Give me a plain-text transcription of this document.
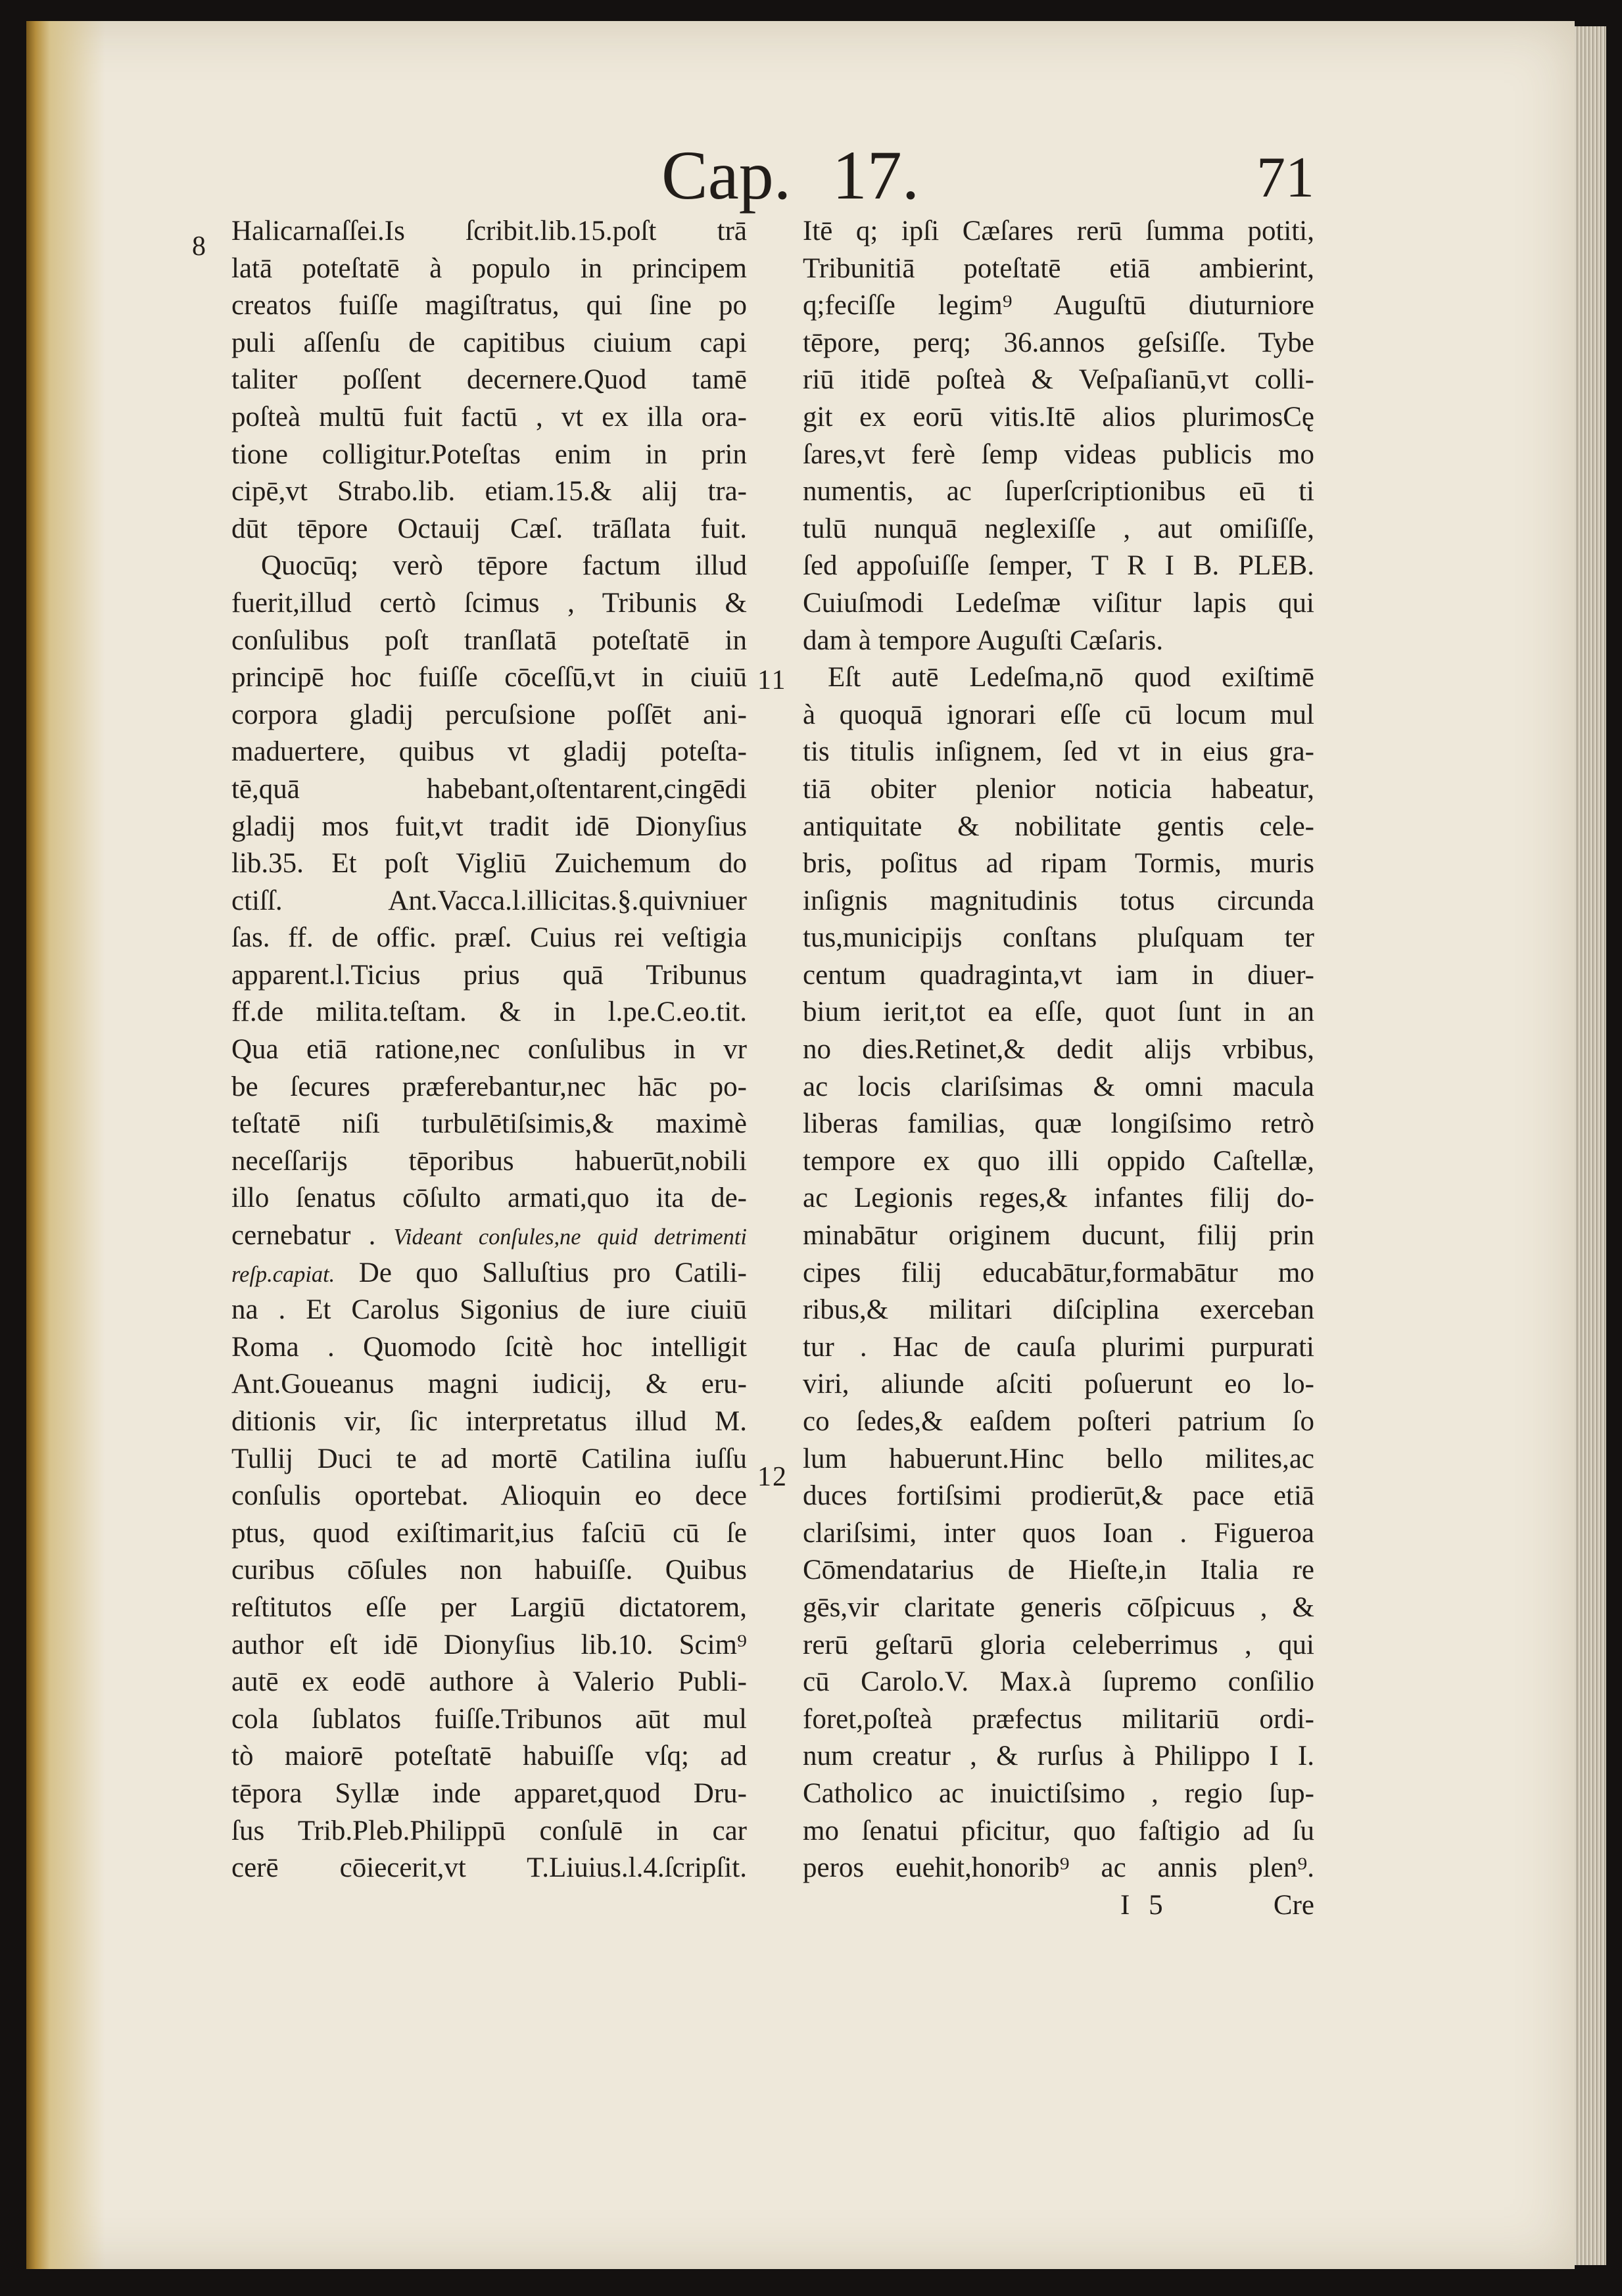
Cap. 17.	71
8
11
12
Halicarnaſſei.Is ſcribit.lib.15.poſt trā
latā poteſtatē à populo in principem
creatos fuiſſe magiſtratus, qui ſine po
puli aſſenſu de capitibus ciuium capi
taliter poſſent decernere.Quod tamē
poſteà multū fuit factū , vt ex illa ora-
tione colligitur.Poteſtas enim in prin
cipē,vt Strabo.lib. etiam.15.& alij tra-
dūt tēpore Octauij Cæſ. trāſlata fuit.
Quocūq; verò tēpore factum illud
fuerit,illud certò ſcimus , Tribunis &
conſulibus poſt tranſlatā poteſtatē in
principē hoc fuiſſe cōceſſū,vt in ciuiū
corpora gladij percuſsione poſſēt ani-
maduertere, quibus vt gladij poteſta-
tē,quā habebant,oſtentarent,cingēdi
gladij mos fuit,vt tradit idē Dionyſius
lib.35. Et poſt Vigliū Zuichemum do
ctiſſ. Ant.Vacca.l.illicitas.§.quivniuer
ſas. ff. de offic. præſ. Cuius rei veſtigia
apparent.l.Ticius prius quā Tribunus
ff.de milita.teſtam. & in l.pe.C.eo.tit.
Qua etiā ratione,nec conſulibus in vr
be ſecures præferebantur,nec hāc po-
teſtatē niſi turbulētiſsimis,& maximè
neceſſarijs tēporibus habuerūt,nobili
illo ſenatus cōſulto armati,quo ita de-
cernebatur . Videant conſules,ne quid detrimenti
reſp.capiat. De quo Salluſtius pro Catili-
na . Et Carolus Sigonius de iure ciuiū
Roma . Quomodo ſcitè hoc intelligit
Ant.Goueanus magni iudicij, & eru-
ditionis vir, ſic interpretatus illud M.
Tullij Duci te ad mortē Catilina iuſſu
conſulis oportebat. Alioquin eo dece
ptus, quod exiſtimarit,ius faſciū cū ſe
curibus cōſules non habuiſſe. Quibus
reſtitutos eſſe per Largiū dictatorem,
author eſt idē Dionyſius lib.10. Scim⁹
autē ex eodē authore à Valerio Publi-
cola ſublatos fuiſſe.Tribunos aūt mul
tò maiorē poteſtatē habuiſſe vſq; ad
tēpora Syllæ inde apparet,quod Dru-
ſus Trib.Pleb.Philippū conſulē in car
cerē cōiecerit,vt T.Liuius.l.4.ſcripſit.
Itē q; ipſi Cæſares rerū ſumma potiti,
Tribunitiā poteſtatē etiā ambierint,
q;feciſſe legim⁹ Auguſtū diuturniore
tēpore, perq; 36.annos geſsiſſe. Tybe
riū itidē poſteà & Veſpaſianū,vt colli-
git ex eorū vitis.Itē alios plurimosCę
ſares,vt ferè ſemp videas publicis mo
numentis, ac ſuperſcriptionibus eū ti
tulū nunquā neglexiſſe , aut omiſiſſe,
ſed appoſuiſſe ſemper, T R I B. PLEB.
Cuiuſmodi Ledeſmæ viſitur lapis qui
dam à tempore Auguſti Cæſaris.
Eſt autē Ledeſma,nō quod exiſtimē
à quoquā ignorari eſſe cū locum mul
tis titulis inſignem, ſed vt in eius gra-
tiā obiter plenior noticia habeatur,
antiquitate & nobilitate gentis cele-
bris, poſitus ad ripam Tormis, muris
inſignis magnitudinis totus circunda
tus,municipijs conſtans pluſquam ter
centum quadraginta,vt iam in diuer-
bium ierit,tot ea eſſe, quot ſunt in an
no dies.Retinet,& dedit alijs vrbibus,
ac locis clariſsimas & omni macula
liberas familias, quæ longiſsimo retrò
tempore ex quo illi oppido Caſtellæ,
ac Legionis reges,& infantes filij do-
minabātur originem ducunt, filij prin
cipes filij educabātur,formabātur mo
ribus,& militari diſciplina exerceban
tur . Hac de cauſa plurimi purpurati
viri, aliunde aſciti poſuerunt eo lo-
co ſedes,& eaſdem poſteri patrium ſo
lum habuerunt.Hinc bello milites,ac
duces fortiſsimi prodierūt,& pace etiā
clariſsimi, inter quos Ioan . Figueroa
Cōmendatarius de Hieſte,in Italia re
gēs,vir claritate generis cōſpicuus , &
rerū geſtarū gloria celeberrimus , qui
cū Carolo.V. Max.à ſupremo conſilio
foret,poſteà præfectus militariū ordi-
num creatur , & rurſus à Philippo I I.
Catholico ac inuictiſsimo , regio ſup-
mo ſenatui pficitur, quo faſtigio ad ſu
peros euehit,honorib⁹ ac annis plen⁹.
I 5	Cre
